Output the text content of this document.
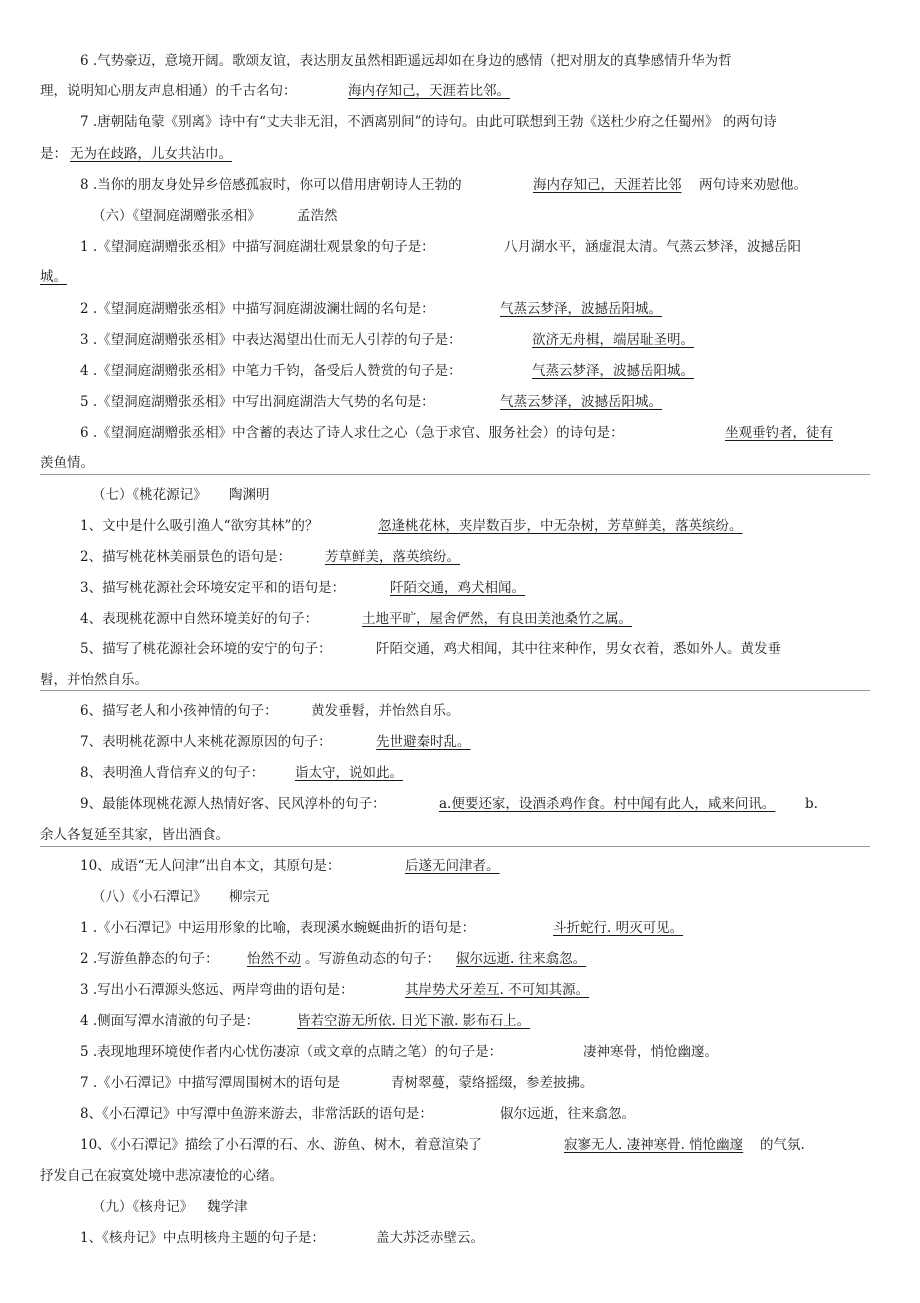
6 .气势豪迈，意境开阔。歌颂友谊，表达朋友虽然相距遥远却如在身边的感情（把对朋友的真挚感情升华为哲
理，说明知心朋友声息相通）的千古名句：	海内存知己，天涯若比邻。
7 .唐朝陆龟蒙《别离》诗中有“丈夫非无泪，不洒离别间”的诗句。由此可联想到王勃《送杜少府之任蜀州》 的两句诗
是： 无为在歧路，儿女共沾巾。
8 .当你的朋友身处异乡倍感孤寂时，你可以借用唐朝诗人王勃的	海内存知己，天涯若比邻 两句诗来劝慰他。
（六）《望洞庭湖赠张丞相》	孟浩然
1 .《望洞庭湖赠张丞相》中描写洞庭湖壮观景象的句子是：	八月湖水平，涵虚混太清。气蒸云梦泽，波撼岳阳
城。
2 .《望洞庭湖赠张丞相》中描写洞庭湖波澜壮阔的名句是：	气蒸云梦泽，波撼岳阳城。
3 .《望洞庭湖赠张丞相》中表达渴望出仕而无人引荐的句子是：	欲济无舟楫，端居耻圣明。
4 .《望洞庭湖赠张丞相》中笔力千钧，备受后人赞赏的句子是：	气蒸云梦泽，波撼岳阳城。
5 .《望洞庭湖赠张丞相》中写出洞庭湖浩大气势的名句是：	气蒸云梦泽，波撼岳阳城。
6 .《望洞庭湖赠张丞相》中含蓄的表达了诗人求仕之心（急于求官、服务社会）的诗句是：	坐观垂钓者，徒有
羡鱼情。
（七）《桃花源记》 陶渊明
1、文中是什么吸引渔人“欲穷其林”的？	忽逢桃花林，夹岸数百步，中无杂树，芳草鲜美，落英缤纷。
2、描写桃花林美丽景色的语句是：	芳草鲜美，落英缤纷。
3、描写桃花源社会环境安定平和的语句是：	阡陌交通，鸡犬相闻。
4、表现桃花源中自然环境美好的句子：	土地平旷，屋舍俨然，有良田美池桑竹之属。
5、描写了桃花源社会环境的安宁的句子：	阡陌交通，鸡犬相闻，其中往来种作，男女衣着，悉如外人。黄发垂
髫，并怡然自乐。
6、描写老人和小孩神情的句子： 黄发垂髫，并怡然自乐。
7、表明桃花源中人来桃花源原因的句子：	先世避秦时乱。
8、表明渔人背信弃义的句子： 诣太守，说如此。
9、最能体现桃花源人热情好客、民风淳朴的句子：	a.便要还家，设酒杀鸡作食。村中闻有此人，咸来问讯。 b.
余人各复延至其家，皆出酒食。
10、成语“无人问津”出自本文，其原句是：	后遂无问津者。
（八）《小石潭记》 柳宗元
1 .《小石潭记》中运用形象的比喻，表现溪水蜿蜒曲折的语句是：	斗折蛇行. 明灭可见。
2 .写游鱼静态的句子： 怡然不动 。写游鱼动态的句子： 俶尔远逝. 往来翕忽。
3 .写出小石潭源头悠远、两岸弯曲的语句是：	其岸势犬牙差互. 不可知其源。
4 .侧面写潭水清澈的句子是：	皆若空游无所依. 日光下澈. 影布石上。
5 .表现地理环境使作者内心忧伤凄凉（或文章的点睛之笔）的句子是：	凄神寒骨，悄怆幽邃。
7 .《小石潭记》中描写潭周围树木的语句是	青树翠蔓，蒙络摇缀，参差披拂。
8、《小石潭记》中写潭中鱼游来游去，非常活跃的语句是：	俶尔远逝，往来翕忽。
10、《小石潭记》描绘了小石潭的石、水、游鱼、树木，着意渲染了	寂寥无人. 凄神寒骨. 悄怆幽邃 的气氛.
抒发自己在寂寞处境中悲凉凄怆的心绪。
（九）《核舟记》 魏学津
1、《核舟记》中点明核舟主题的句子是：	盖大苏泛赤壁云。
